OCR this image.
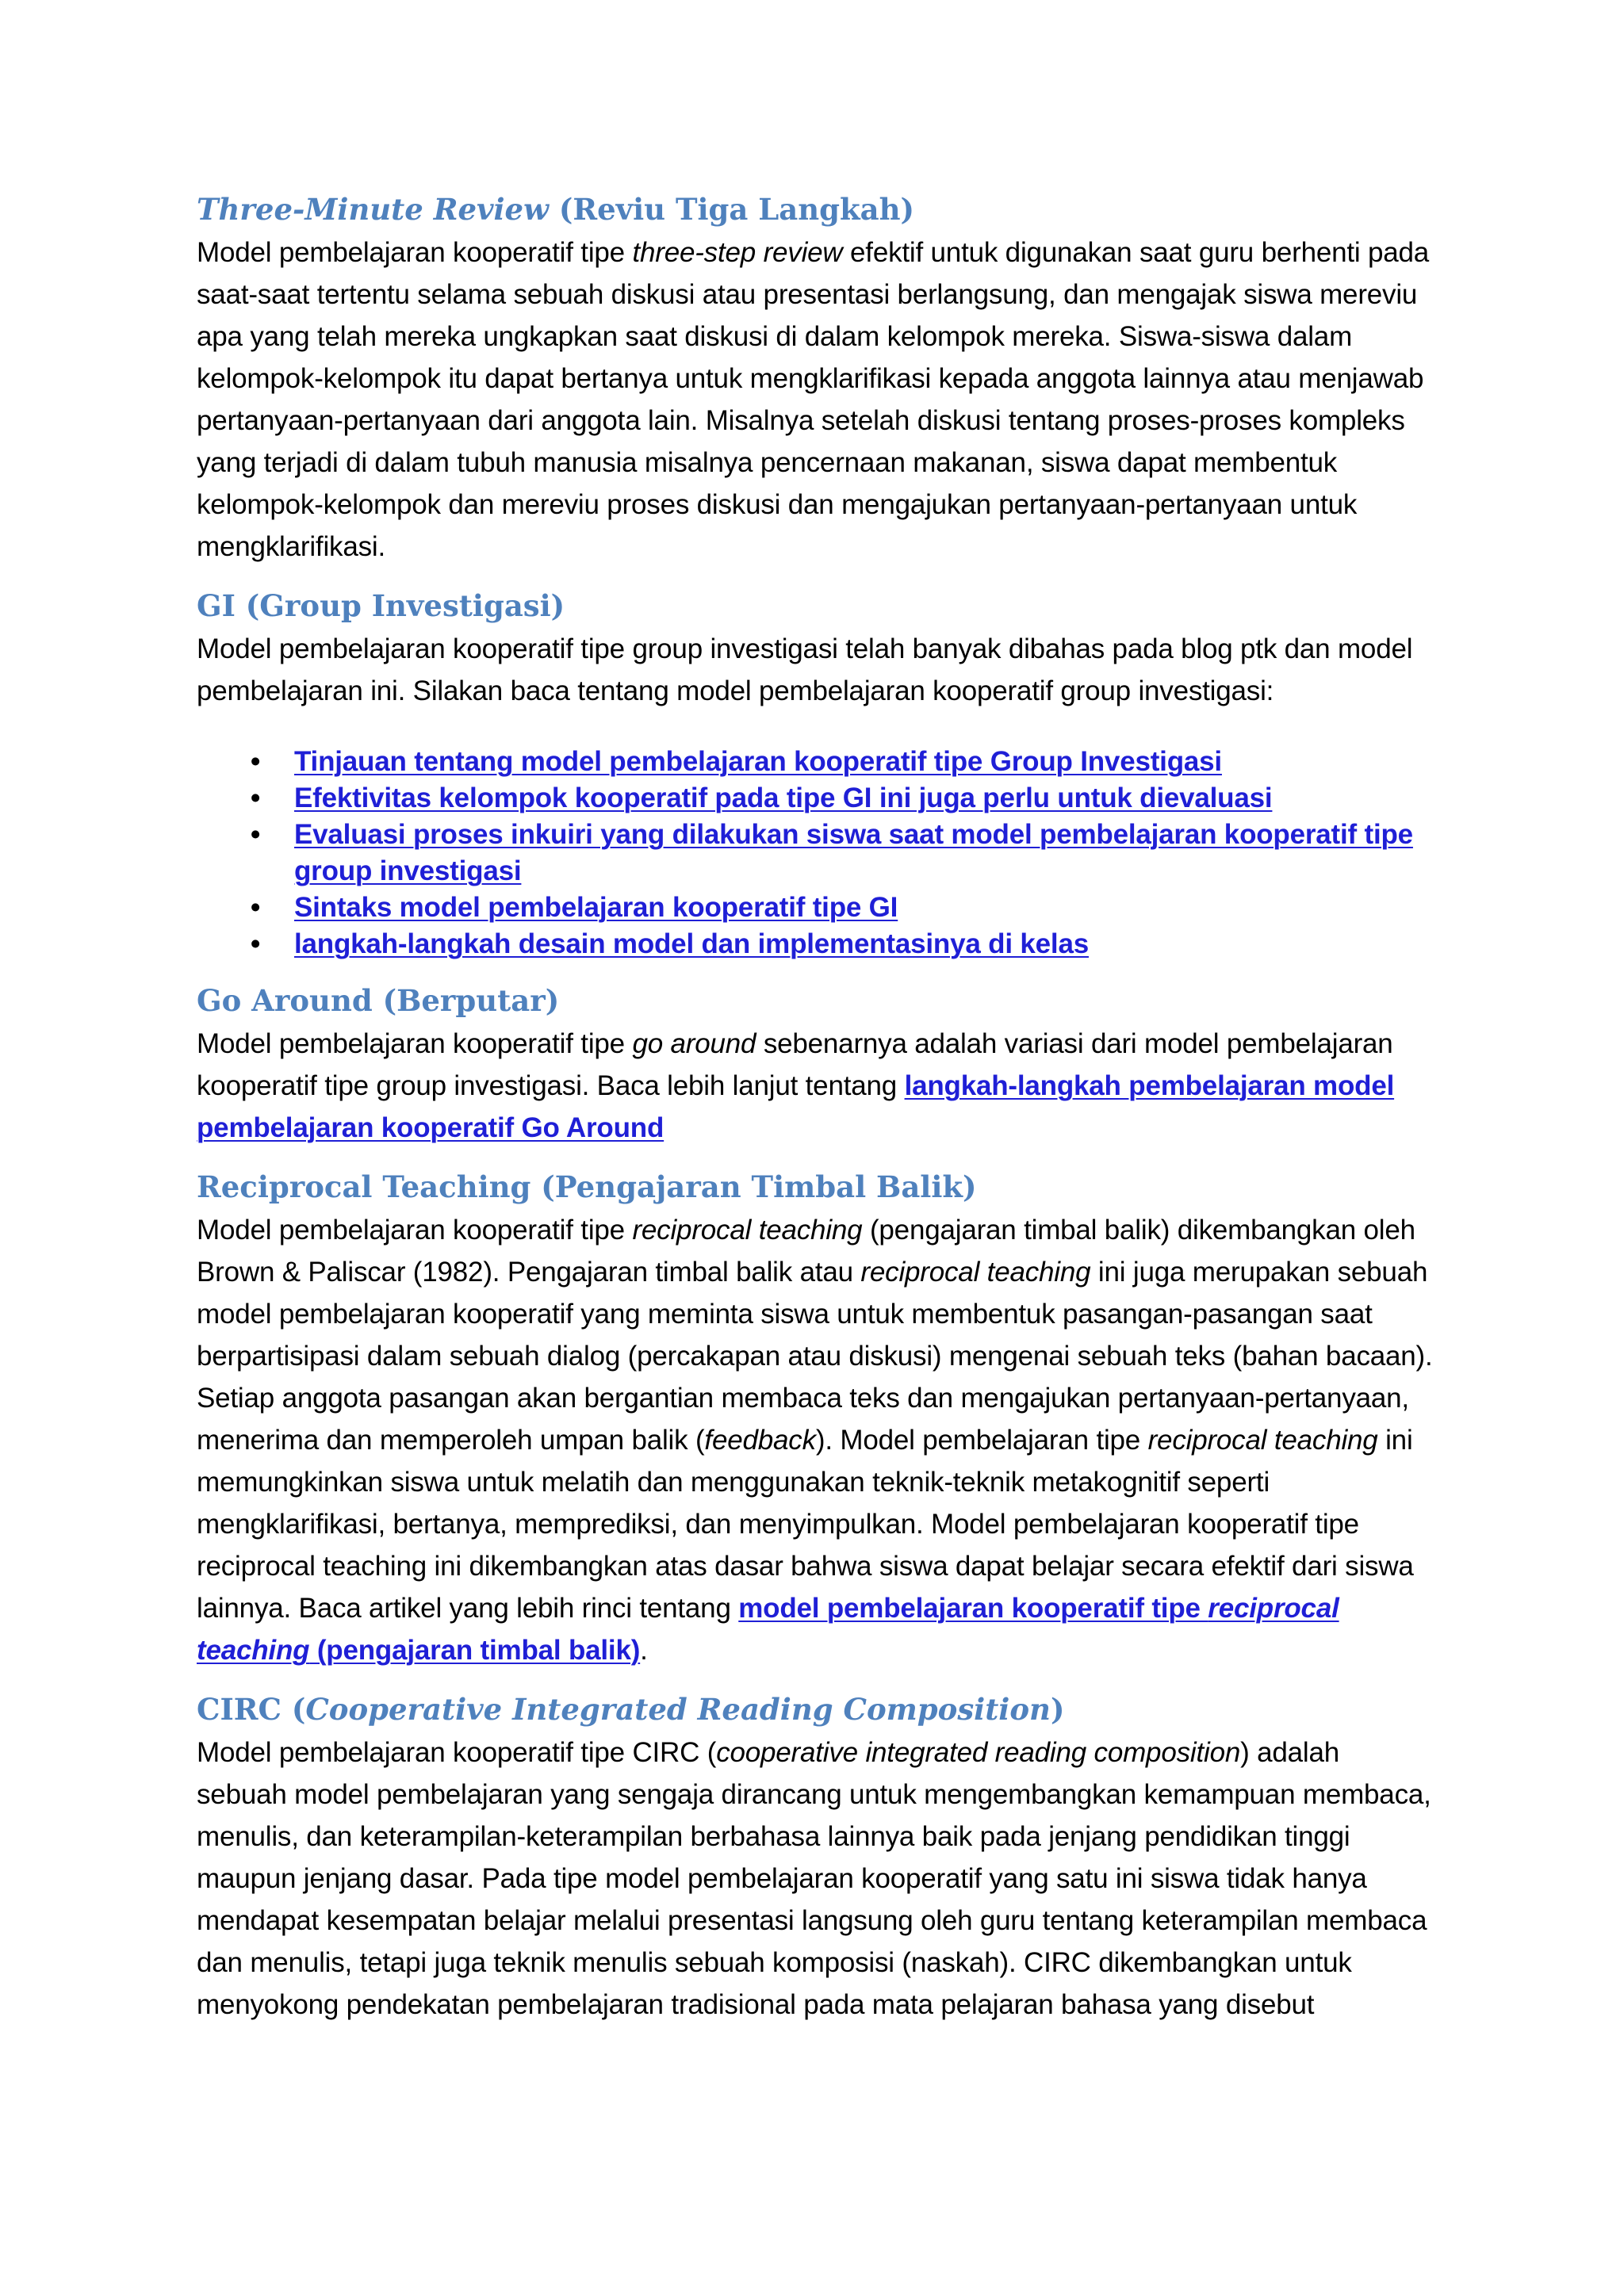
Three-Minute Review (Reviu Tiga Langkah)

Model pembelajaran kooperatif tipe three-step review efektif untuk digunakan saat guru berhenti pada saat-saat tertentu selama sebuah diskusi atau presentasi berlangsung, dan mengajak siswa mereviu apa yang telah mereka ungkapkan saat diskusi di dalam kelompok mereka. Siswa-siswa dalam kelompok-kelompok itu dapat bertanya untuk mengklarifikasi kepada anggota lainnya atau menjawab pertanyaan-pertanyaan dari anggota lain. Misalnya setelah diskusi tentang proses-proses kompleks yang terjadi di dalam tubuh manusia misalnya pencernaan makanan, siswa dapat membentuk kelompok-kelompok dan mereviu proses diskusi dan mengajukan pertanyaan-pertanyaan untuk mengklarifikasi.

GI (Group Investigasi)

Model pembelajaran kooperatif tipe group investigasi telah banyak dibahas pada blog ptk dan model pembelajaran ini. Silakan baca tentang model pembelajaran kooperatif group investigasi:

• Tinjauan tentang model pembelajaran kooperatif tipe Group Investigasi
• Efektivitas kelompok kooperatif pada tipe GI ini juga perlu untuk dievaluasi
• Evaluasi proses inkuiri yang dilakukan siswa saat model pembelajaran kooperatif tipe group investigasi
• Sintaks model pembelajaran kooperatif tipe GI
• langkah-langkah desain model dan implementasinya di kelas
Go Around (Berputar)

Model pembelajaran kooperatif tipe go around sebenarnya adalah variasi dari model pembelajaran kooperatif tipe group investigasi. Baca lebih lanjut tentang langkah-langkah pembelajaran model pembelajaran kooperatif Go Around

Reciprocal Teaching (Pengajaran Timbal Balik)

Model pembelajaran kooperatif tipe reciprocal teaching (pengajaran timbal balik) dikembangkan oleh Brown & Paliscar (1982). Pengajaran timbal balik atau reciprocal teaching ini juga merupakan sebuah model pembelajaran kooperatif yang meminta siswa untuk membentuk pasangan-pasangan saat berpartisipasi dalam sebuah dialog (percakapan atau diskusi) mengenai sebuah teks (bahan bacaan). Setiap anggota pasangan akan bergantian membaca teks dan mengajukan pertanyaan-pertanyaan, menerima dan memperoleh umpan balik (feedback). Model pembelajaran tipe reciprocal teaching ini memungkinkan siswa untuk melatih dan menggunakan teknik-teknik metakognitif seperti mengklarifikasi, bertanya, memprediksi, dan menyimpulkan. Model pembelajaran kooperatif tipe reciprocal teaching ini dikembangkan atas dasar bahwa siswa dapat belajar secara efektif dari siswa lainnya. Baca artikel yang lebih rinci tentang model pembelajaran kooperatif tipe reciprocal teaching (pengajaran timbal balik).

CIRC (Cooperative Integrated Reading Composition)

Model pembelajaran kooperatif tipe CIRC (cooperative integrated reading composition) adalah sebuah model pembelajaran yang sengaja dirancang untuk mengembangkan kemampuan membaca, menulis, dan keterampilan-keterampilan berbahasa lainnya baik pada jenjang pendidikan tinggi maupun jenjang dasar. Pada tipe model pembelajaran kooperatif yang satu ini siswa tidak hanya mendapat kesempatan belajar melalui presentasi langsung oleh guru tentang keterampilan membaca dan menulis, tetapi juga teknik menulis sebuah komposisi (naskah). CIRC dikembangkan untuk menyokong pendekatan pembelajaran tradisional pada mata pelajaran bahasa yang disebut
